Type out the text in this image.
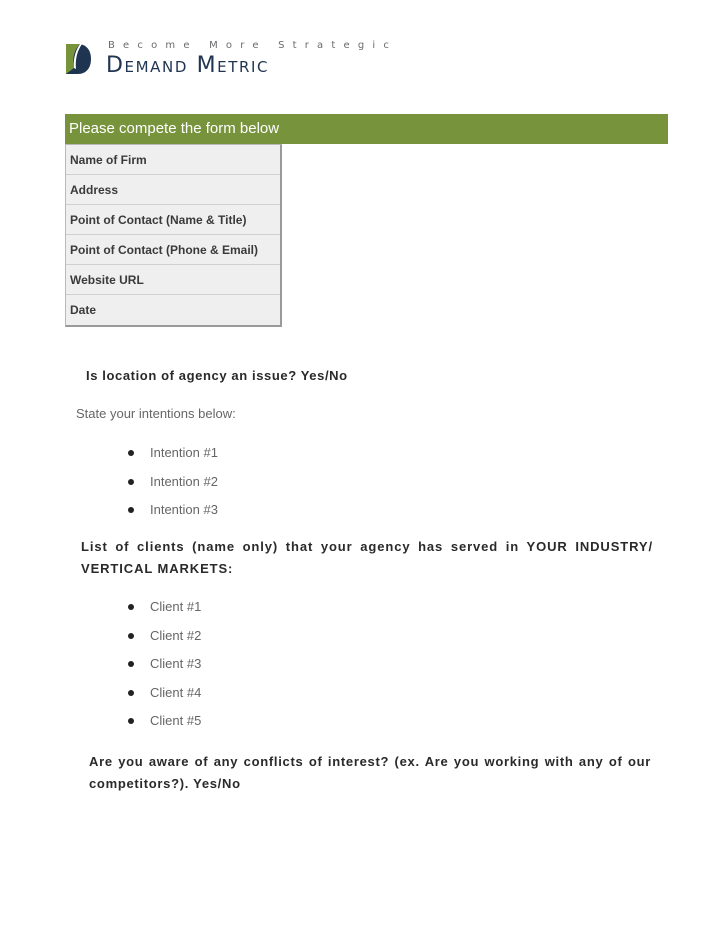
Become More Strategic
Demand Metric
Please compete the form below
Name of Firm
Address
Point of Contact (Name & Title)
Point of Contact (Phone & Email)
Website URL
Date
Is location of agency an issue? Yes/No
State your intentions below:
Intention #1
Intention #2
Intention #3
List of clients (name only) that your agency has served in YOUR INDUSTRY/ VERTICAL MARKETS:
Client #1
Client #2
Client #3
Client #4
Client #5
Are you aware of any conflicts of interest? (ex. Are you working with any of our competitors?). Yes/No
